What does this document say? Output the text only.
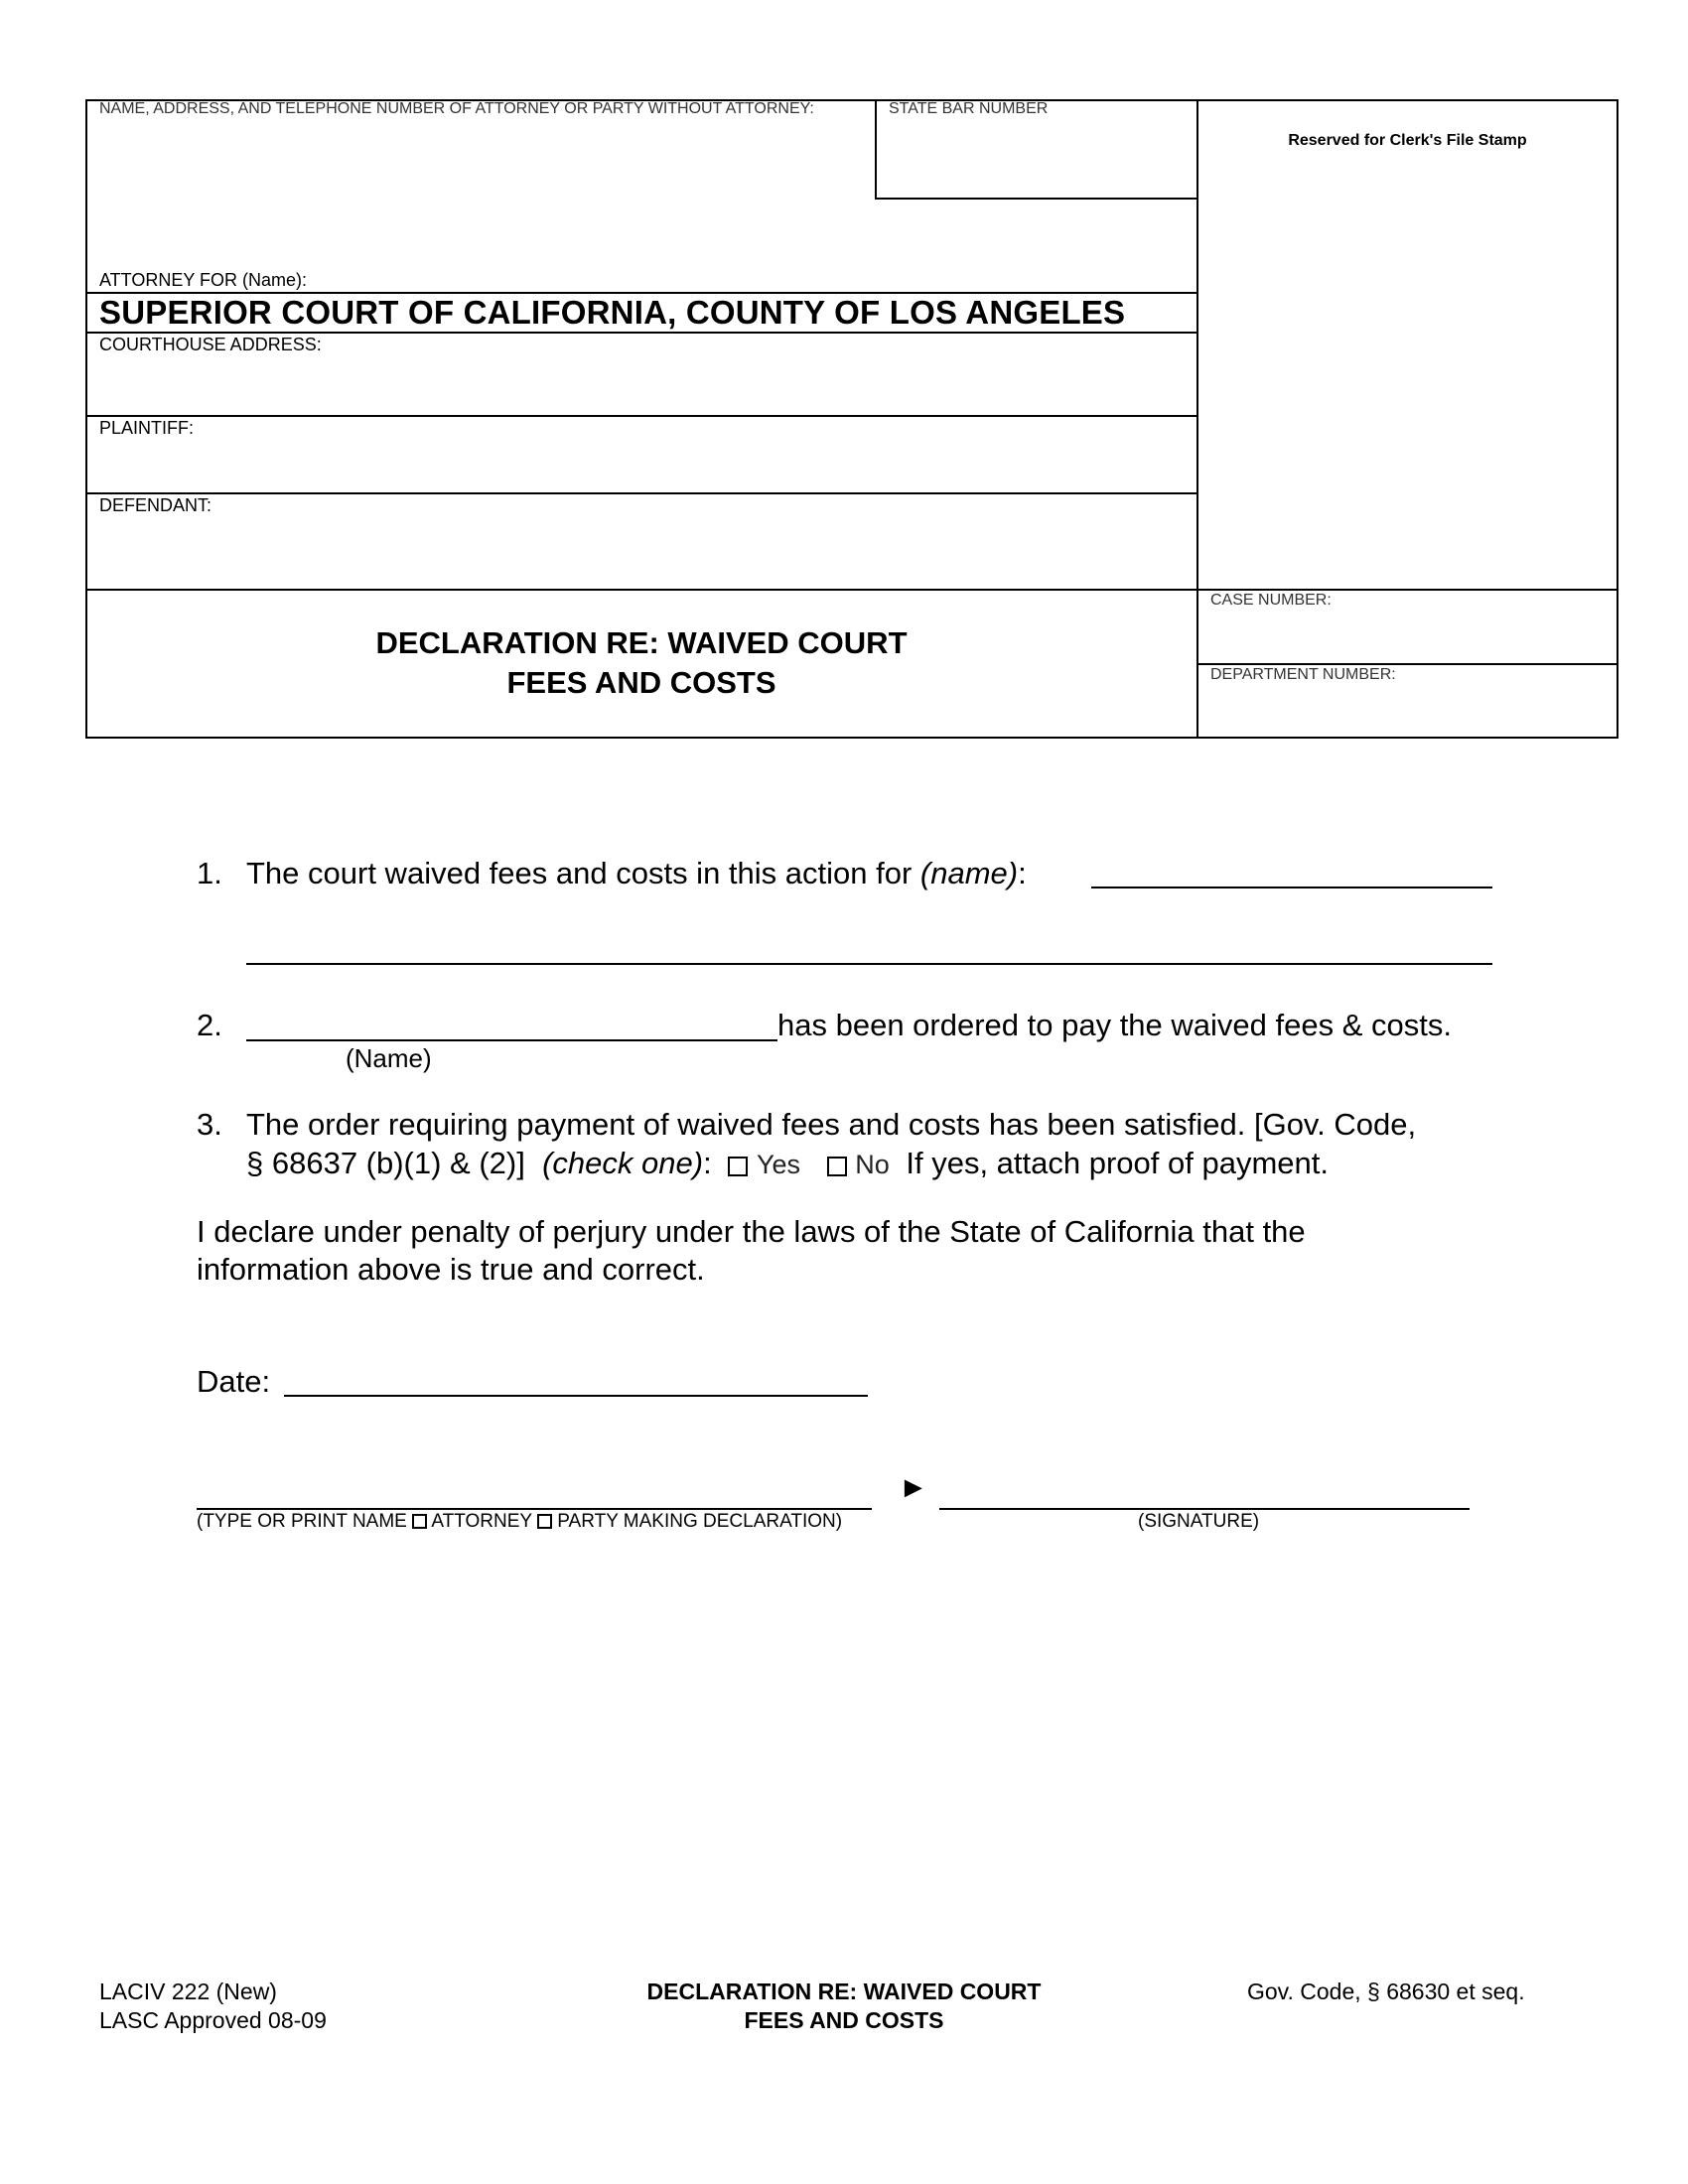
NAME, ADDRESS, AND TELEPHONE NUMBER OF ATTORNEY OR PARTY WITHOUT ATTORNEY:	STATE BAR NUMBER
Reserved for Clerk's File Stamp
ATTORNEY FOR (Name):
SUPERIOR COURT OF CALIFORNIA, COUNTY OF LOS ANGELES
COURTHOUSE ADDRESS:
PLAINTIFF:
DEFENDANT:
DECLARATION RE: WAIVED COURT
FEES AND COSTS
CASE NUMBER:
DEPARTMENT NUMBER:
1. The court waived fees and costs in this action for (name):
2.	has been ordered to pay the waived fees & costs.
(Name)
3. The order requiring payment of waived fees and costs has been satisfied. [Gov. Code,
§ 68637 (b)(1) & (2)] (check one): Yes No If yes, attach proof of payment.
I declare under penalty of perjury under the laws of the State of California that the
information above is true and correct.
Date:
(TYPE OR PRINT NAME ATTORNEY PARTY MAKING DECLARATION)
►
(SIGNATURE)
LACIV 222 (New)
LASC Approved 08-09
DECLARATION RE: WAIVED COURT
FEES AND COSTS
Gov. Code, § 68630 et seq.
